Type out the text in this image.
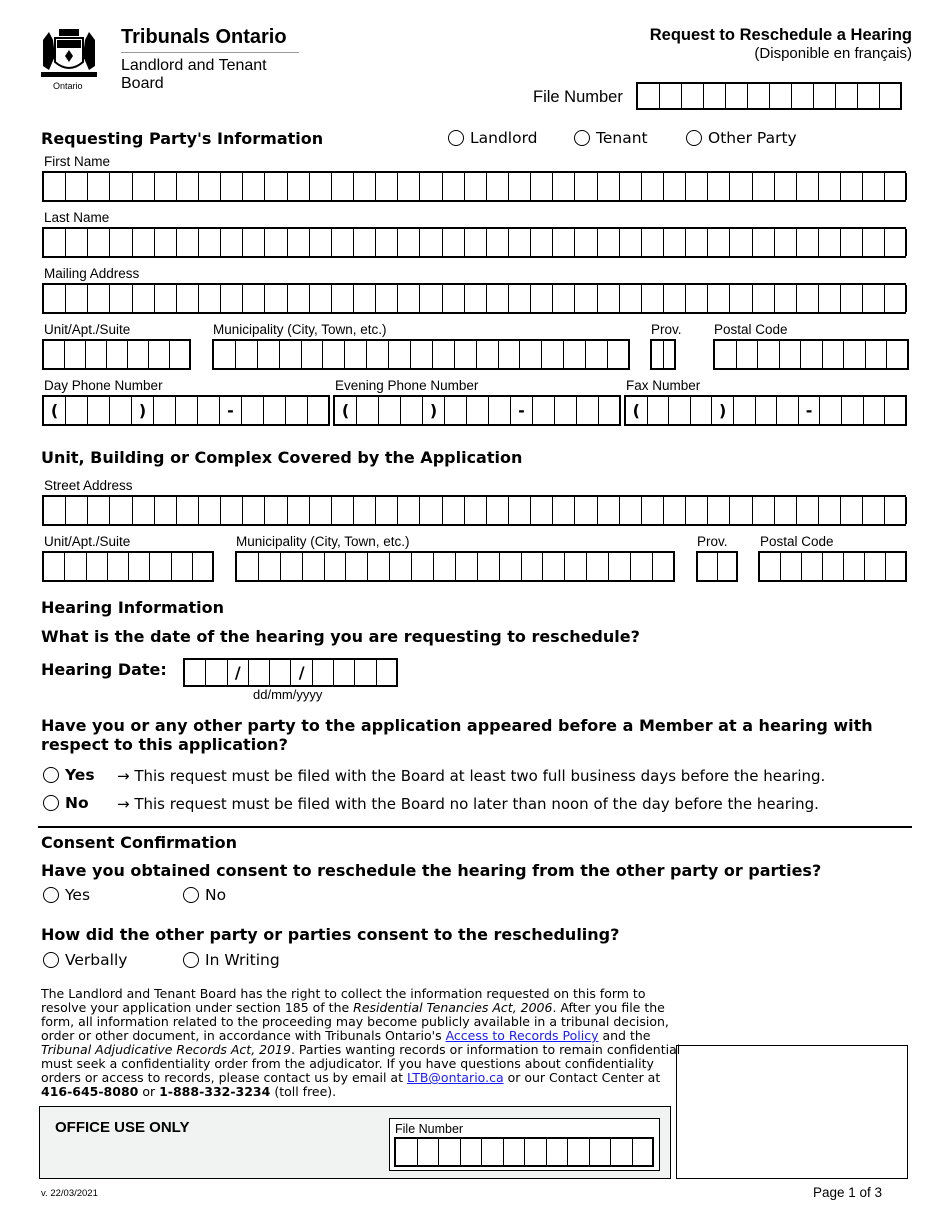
Ontario
Tribunals Ontario
Landlord and Tenant Board
Request to Reschedule a Hearing
(Disponible en français)
File Number
Requesting Party's Information	Landlord	Tenant	Other Party
First Name
Last Name
Mailing Address
Unit/Apt./Suite	Municipality (City, Town, etc.)	Prov. Postal Code
Day Phone Number	Evening Phone Number	Fax Number
(	)	-	(	)	-	(	)	-
Unit, Building or Complex Covered by the Application
Street Address
Unit/Apt./Suite	Municipality (City, Town, etc.)	Prov. Postal Code
Hearing Information
What is the date of the hearing you are requesting to reschedule?
Hearing Date:	/	/
dd/mm/yyyy
Have you or any other party to the application appeared before a Member at a hearing with
respect to this application?
Yes → This request must be filed with the Board at least two full business days before the hearing.
No → This request must be filed with the Board no later than noon of the day before the hearing.
Consent Confirmation
Have you obtained consent to reschedule the hearing from the other party or parties?
Yes	No
How did the other party or parties consent to the rescheduling?
Verbally	In Writing
The Landlord and Tenant Board has the right to collect the information requested on this form to resolve your application under section 185 of the Residential Tenancies Act, 2006. After you file the form, all information related to the proceeding may become publicly available in a tribunal decision, order or other document, in accordance with Tribunals Ontario's Access to Records Policy and the Tribunal Adjudicative Records Act, 2019. Parties wanting records or information to remain confidential must seek a confidentiality order from the adjudicator. If you have questions about confidentiality orders or access to records, please contact us by email at LTB@ontario.ca or our Contact Center at 416-645-8080 or 1-888-332-3234 (toll free).
OFFICE USE ONLY	File Number
v. 22/03/2021	Page 1 of 3
